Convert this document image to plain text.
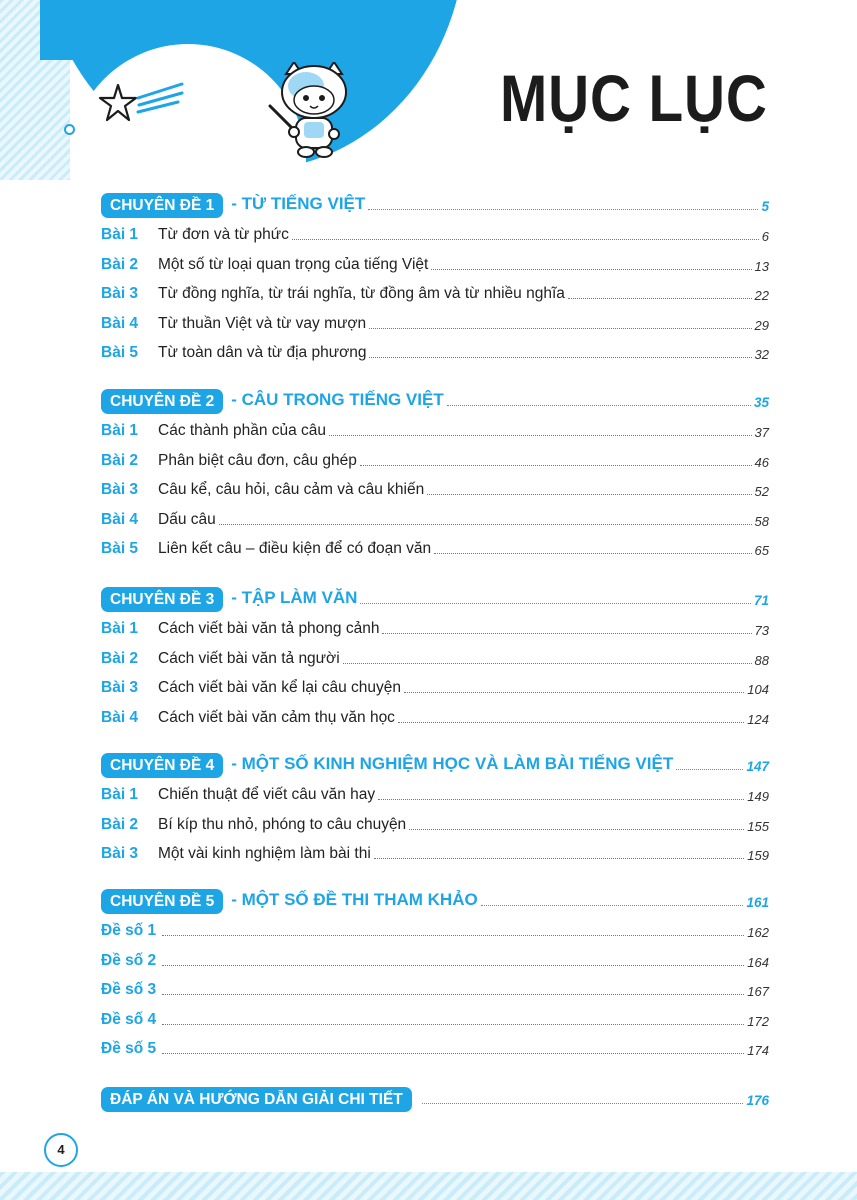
MỤC LỤC
CHUYÊN ĐỀ 1	- TỪ TIẾNG VIỆT	5
Bài 1	Từ đơn và từ phức	6
Bài 2	Một số từ loại quan trọng của tiếng Việt	13
Bài 3	Từ đồng nghĩa, từ trái nghĩa, từ đồng âm và từ nhiều nghĩa	22
Bài 4	Từ thuần Việt và từ vay mượn	29
Bài 5	Từ toàn dân và từ địa phương	32
CHUYÊN ĐỀ 2	- CÂU TRONG TIẾNG VIỆT	35
Bài 1	Các thành phần của câu	37
Bài 2	Phân biệt câu đơn, câu ghép	46
Bài 3	Câu kể, câu hỏi, câu cảm và câu khiến	52
Bài 4	Dấu câu	58
Bài 5	Liên kết câu – điều kiện để có đoạn văn	65
CHUYÊN ĐỀ 3	- TẬP LÀM VĂN	71
Bài 1	Cách viết bài văn tả phong cảnh	73
Bài 2	Cách viết bài văn tả người	88
Bài 3	Cách viết bài văn kể lại câu chuyện	104
Bài 4	Cách viết bài văn cảm thụ văn học	124
CHUYÊN ĐỀ 4	- MỘT SỐ KINH NGHIỆM HỌC VÀ LÀM BÀI TIẾNG VIỆT	147
Bài 1	Chiến thuật để viết câu văn hay	149
Bài 2	Bí kíp thu nhỏ, phóng to câu chuyện	155
Bài 3	Một vài kinh nghiệm làm bài thi	159
CHUYÊN ĐỀ 5	- MỘT SỐ ĐỀ THI THAM KHẢO	161
Đề số 1	162
Đề số 2	164
Đề số 3	167
Đề số 4	172
Đề số 5	174
ĐÁP ÁN VÀ HƯỚNG DẪN GIẢI CHI TIẾT	176
4
